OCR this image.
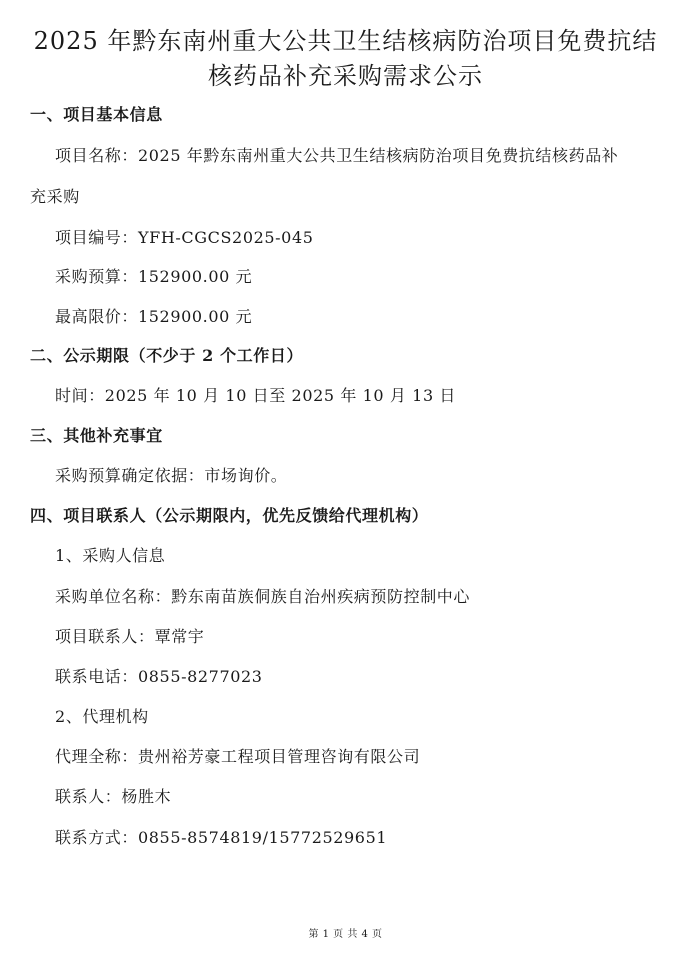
2025 年黔东南州重大公共卫生结核病防治项目免费抗结
核药品补充采购需求公示
一、项目基本信息
项目名称：2025 年黔东南州重大公共卫生结核病防治项目免费抗结核药品补
充采购
项目编号：YFH-CGCS2025-045
采购预算：152900.00 元
最高限价：152900.00 元
二、公示期限（不少于 2 个工作日）
时间：2025 年 10 月 10 日至 2025 年 10 月 13 日
三、其他补充事宜
采购预算确定依据：市场询价。
四、项目联系人（公示期限内，优先反馈给代理机构）
1、采购人信息
采购单位名称：黔东南苗族侗族自治州疾病预防控制中心
项目联系人：覃常宇
联系电话：0855-8277023
2、代理机构
代理全称：贵州裕芳豪工程项目管理咨询有限公司
联系人：杨胜木
联系方式：0855-8574819/15772529651
第 1 页 共 4 页
